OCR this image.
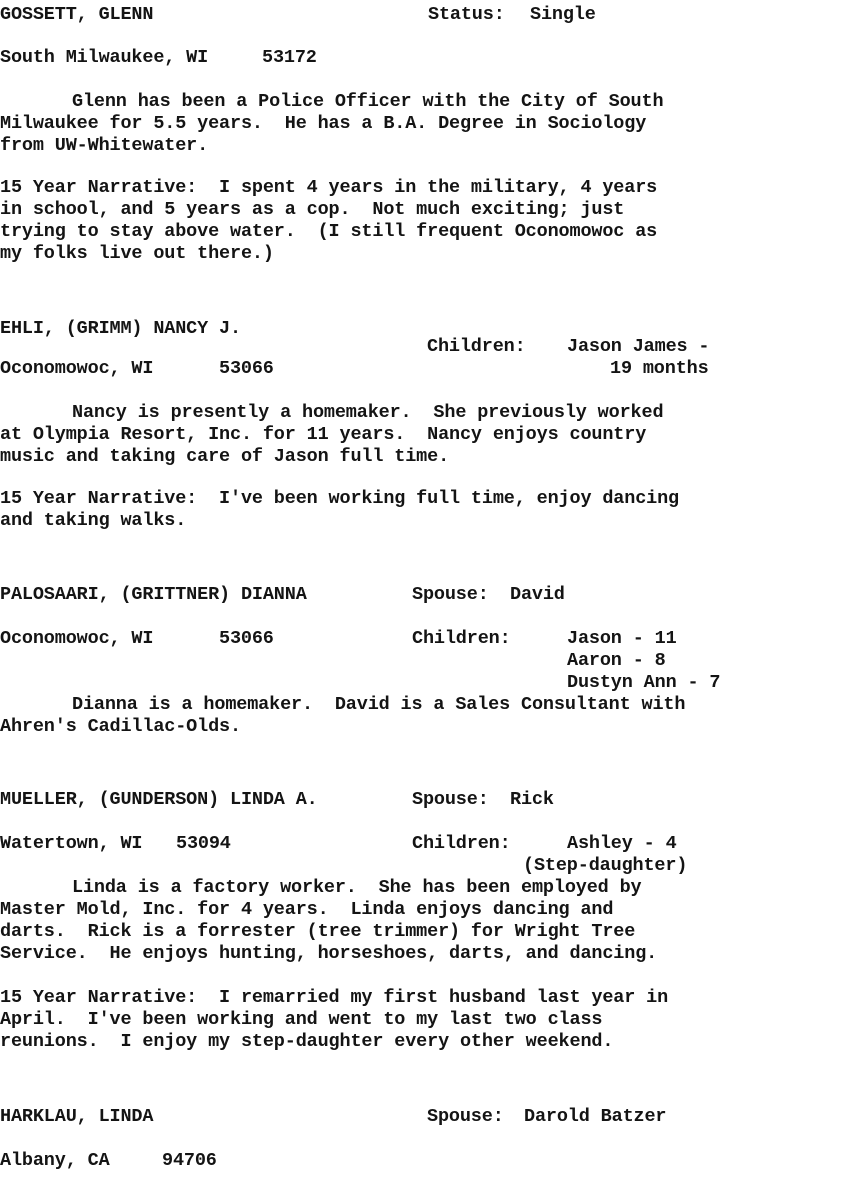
GOSSETT, GLENN	Status: Single
South Milwaukee, WI	53172
Glenn has been a Police Officer with the City of South
Milwaukee for 5.5 years.  He has a B.A. Degree in Sociology
from UW-Whitewater.
15 Year Narrative:  I spent 4 years in the military, 4 years
in school, and 5 years as a cop.  Not much exciting; just
trying to stay above water.  (I still frequent Oconomowoc as
my folks live out there.)
EHLI, (GRIMM) NANCY J.
Children: Jason James -
Oconomowoc, WI	53066	19 months
Nancy is presently a homemaker.  She previously worked
at Olympia Resort, Inc. for 11 years.  Nancy enjoys country
music and taking care of Jason full time.
15 Year Narrative:  I've been working full time, enjoy dancing
and taking walks.
PALOSAARI, (GRITTNER) DIANNA	Spouse: David
Oconomowoc, WI	53066	Children:	Jason - 11
Aaron - 8
Dustyn Ann - 7
Dianna is a homemaker.  David is a Sales Consultant with
Ahren's Cadillac-Olds.
MUELLER, (GUNDERSON) LINDA A.	Spouse: Rick
Watertown, WI 53094	Children:	Ashley - 4
(Step-daughter)
Linda is a factory worker.  She has been employed by
Master Mold, Inc. for 4 years.  Linda enjoys dancing and
darts.  Rick is a forrester (tree trimmer) for Wright Tree
Service.  He enjoys hunting, horseshoes, darts, and dancing.
15 Year Narrative:  I remarried my first husband last year in
April.  I've been working and went to my last two class
reunions.  I enjoy my step-daughter every other weekend.
HARKLAU, LINDA	Spouse: Darold Batzer
Albany, CA	94706
